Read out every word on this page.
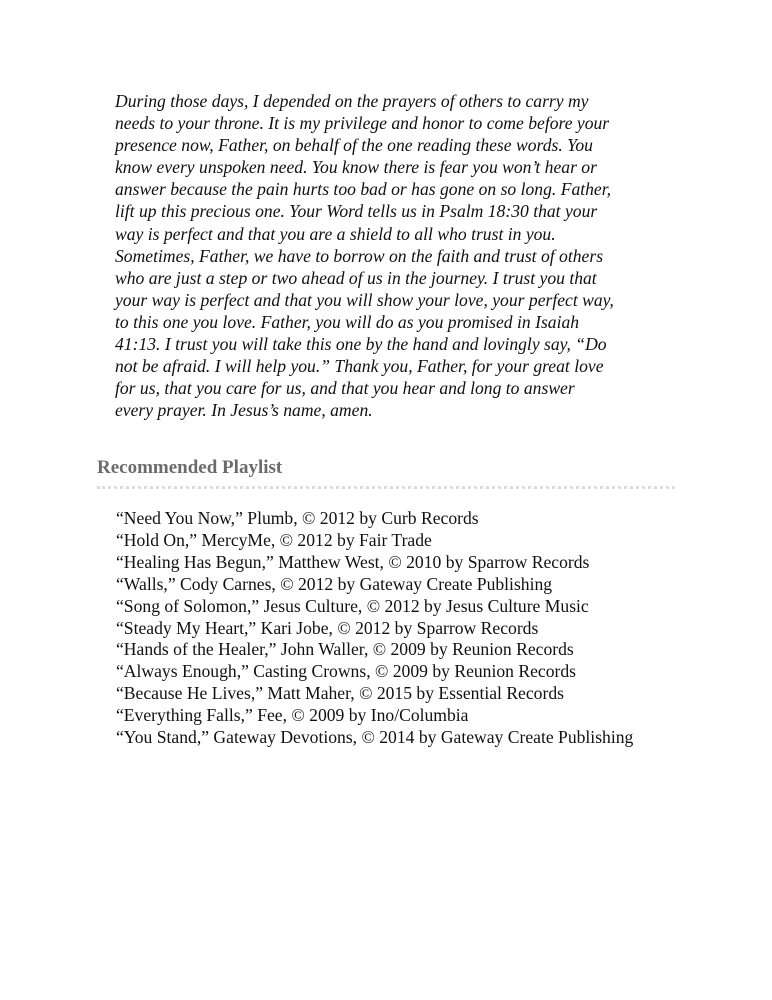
During those days, I depended on the prayers of others to carry my
needs to your throne. It is my privilege and honor to come before your
presence now, Father, on behalf of the one reading these words. You
know every unspoken need. You know there is fear you won’t hear or
answer because the pain hurts too bad or has gone on so long. Father,
lift up this precious one. Your Word tells us in Psalm 18:30 that your
way is perfect and that you are a shield to all who trust in you.
Sometimes, Father, we have to borrow on the faith and trust of others
who are just a step or two ahead of us in the journey. I trust you that
your way is perfect and that you will show your love, your perfect way,
to this one you love. Father, you will do as you promised in Isaiah
41:13. I trust you will take this one by the hand and lovingly say, “Do
not be afraid. I will help you.” Thank you, Father, for your great love
for us, that you care for us, and that you hear and long to answer
every prayer. In Jesus’s name, amen.

Recommended Playlist
“Need You Now,” Plumb, © 2012 by Curb Records
“Hold On,” MercyMe, © 2012 by Fair Trade
“Healing Has Begun,” Matthew West, © 2010 by Sparrow Records
“Walls,” Cody Carnes, © 2012 by Gateway Create Publishing
“Song of Solomon,” Jesus Culture, © 2012 by Jesus Culture Music
“Steady My Heart,” Kari Jobe, © 2012 by Sparrow Records
“Hands of the Healer,” John Waller, © 2009 by Reunion Records
“Always Enough,” Casting Crowns, © 2009 by Reunion Records
“Because He Lives,” Matt Maher, © 2015 by Essential Records
“Everything Falls,” Fee, © 2009 by Ino/Columbia
“You Stand,” Gateway Devotions, © 2014 by Gateway Create Publishing
